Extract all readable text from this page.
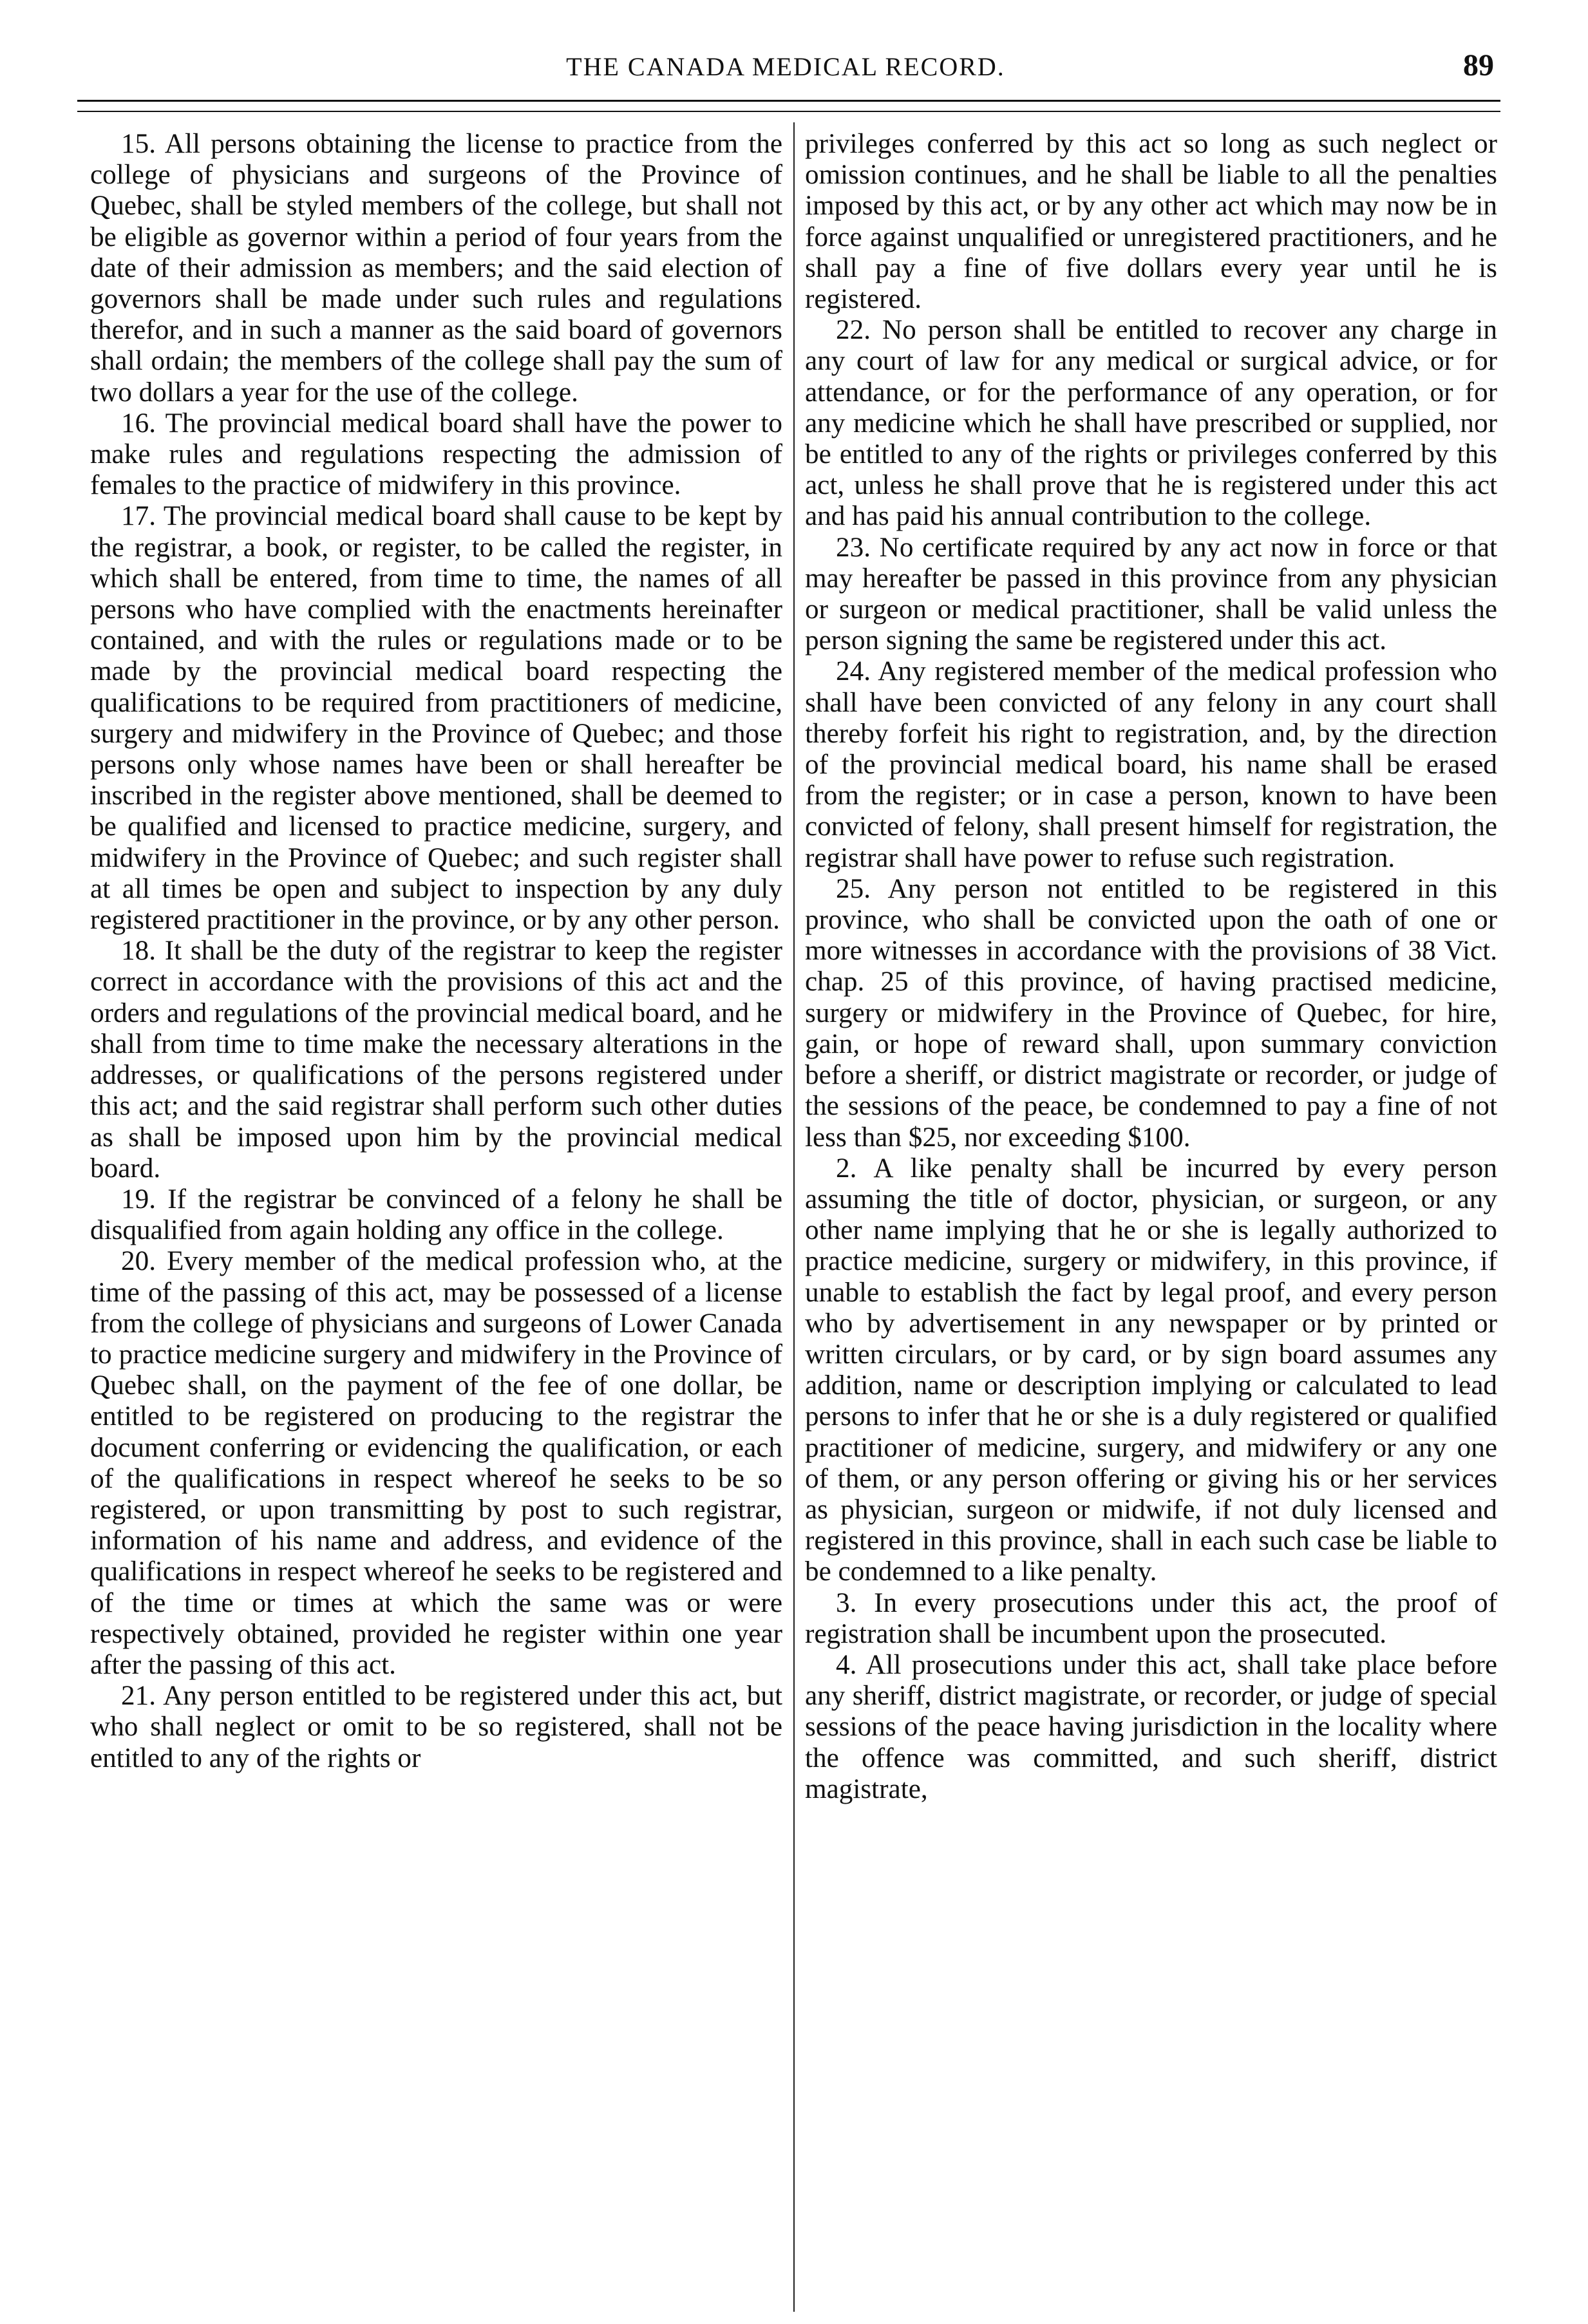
THE CANADA MEDICAL RECORD.	89

15. All persons obtaining the license to practice from the college of physicians and surgeons of the Province of Quebec, shall be styled members of the college, but shall not be eligible as governor within a period of four years from the date of their admission as members; and the said election of governors shall be made under such rules and regulations therefor, and in such a manner as the said board of governors shall ordain; the members of the college shall pay the sum of two dollars a year for the use of the college.

16. The provincial medical board shall have the power to make rules and regulations respecting the admission of females to the practice of midwifery in this province.

17. The provincial medical board shall cause to be kept by the registrar, a book, or register, to be called the register, in which shall be entered, from time to time, the names of all persons who have complied with the enactments hereinafter contained, and with the rules or regulations made or to be made by the provincial medical board respecting the qualifications to be required from practitioners of medicine, surgery and midwifery in the Province of Quebec; and those persons only whose names have been or shall hereafter be inscribed in the register above mentioned, shall be deemed to be qualified and licensed to practice medicine, surgery, and midwifery in the Province of Quebec; and such register shall at all times be open and subject to inspection by any duly registered practitioner in the province, or by any other person.

18. It shall be the duty of the registrar to keep the register correct in accordance with the provisions of this act and the orders and regulations of the provincial medical board, and he shall from time to time make the necessary alterations in the addresses, or qualifications of the persons registered under this act; and the said registrar shall perform such other duties as shall be imposed upon him by the provincial medical board.

19. If the registrar be convinced of a felony he shall be disqualified from again holding any office in the college.

20. Every member of the medical profession who, at the time of the passing of this act, may be possessed of a license from the college of physicians and surgeons of Lower Canada to practice medicine surgery and midwifery in the Province of Quebec shall, on the payment of the fee of one dollar, be entitled to be registered on producing to the registrar the document conferring or evidencing the qualification, or each of the qualifications in respect whereof he seeks to be so registered, or upon transmitting by post to such registrar, information of his name and address, and evidence of the qualifications in respect whereof he seeks to be registered and of the time or times at which the same was or were respectively obtained, provided he register within one year after the passing of this act.

21. Any person entitled to be registered under this act, but who shall neglect or omit to be so registered, shall not be entitled to any of the rights or

privileges conferred by this act so long as such neglect or omission continues, and he shall be liable to all the penalties imposed by this act, or by any other act which may now be in force against unqualified or unregistered practitioners, and he shall pay a fine of five dollars every year until he is registered.

22. No person shall be entitled to recover any charge in any court of law for any medical or surgical advice, or for attendance, or for the performance of any operation, or for any medicine which he shall have prescribed or supplied, nor be entitled to any of the rights or privileges conferred by this act, unless he shall prove that he is registered under this act and has paid his annual contribution to the college.

23. No certificate required by any act now in force or that may hereafter be passed in this province from any physician or surgeon or medical practitioner, shall be valid unless the person signing the same be registered under this act.

24. Any registered member of the medical profession who shall have been convicted of any felony in any court shall thereby forfeit his right to registration, and, by the direction of the provincial medical board, his name shall be erased from the register; or in case a person, known to have been convicted of felony, shall present himself for registration, the registrar shall have power to refuse such registration.

25. Any person not entitled to be registered in this province, who shall be convicted upon the oath of one or more witnesses in accordance with the provisions of 38 Vict. chap. 25 of this province, of having practised medicine, surgery or midwifery in the Province of Quebec, for hire, gain, or hope of reward shall, upon summary conviction before a sheriff, or district magistrate or recorder, or judge of the sessions of the peace, be condemned to pay a fine of not less than $25, nor exceeding $100.

2. A like penalty shall be incurred by every person assuming the title of doctor, physician, or surgeon, or any other name implying that he or she is legally authorized to practice medicine, surgery or midwifery, in this province, if unable to establish the fact by legal proof, and every person who by advertisement in any newspaper or by printed or written circulars, or by card, or by sign board assumes any addition, name or description implying or calculated to lead persons to infer that he or she is a duly registered or qualified practitioner of medicine, surgery, and midwifery or any one of them, or any person offering or giving his or her services as physician, surgeon or midwife, if not duly licensed and registered in this province, shall in each such case be liable to be condemned to a like penalty.

3. In every prosecutions under this act, the proof of registration shall be incumbent upon the prosecuted.

4. All prosecutions under this act, shall take place before any sheriff, district magistrate, or recorder, or judge of special sessions of the peace having jurisdiction in the locality where the offence was committed, and such sheriff, district magistrate,
